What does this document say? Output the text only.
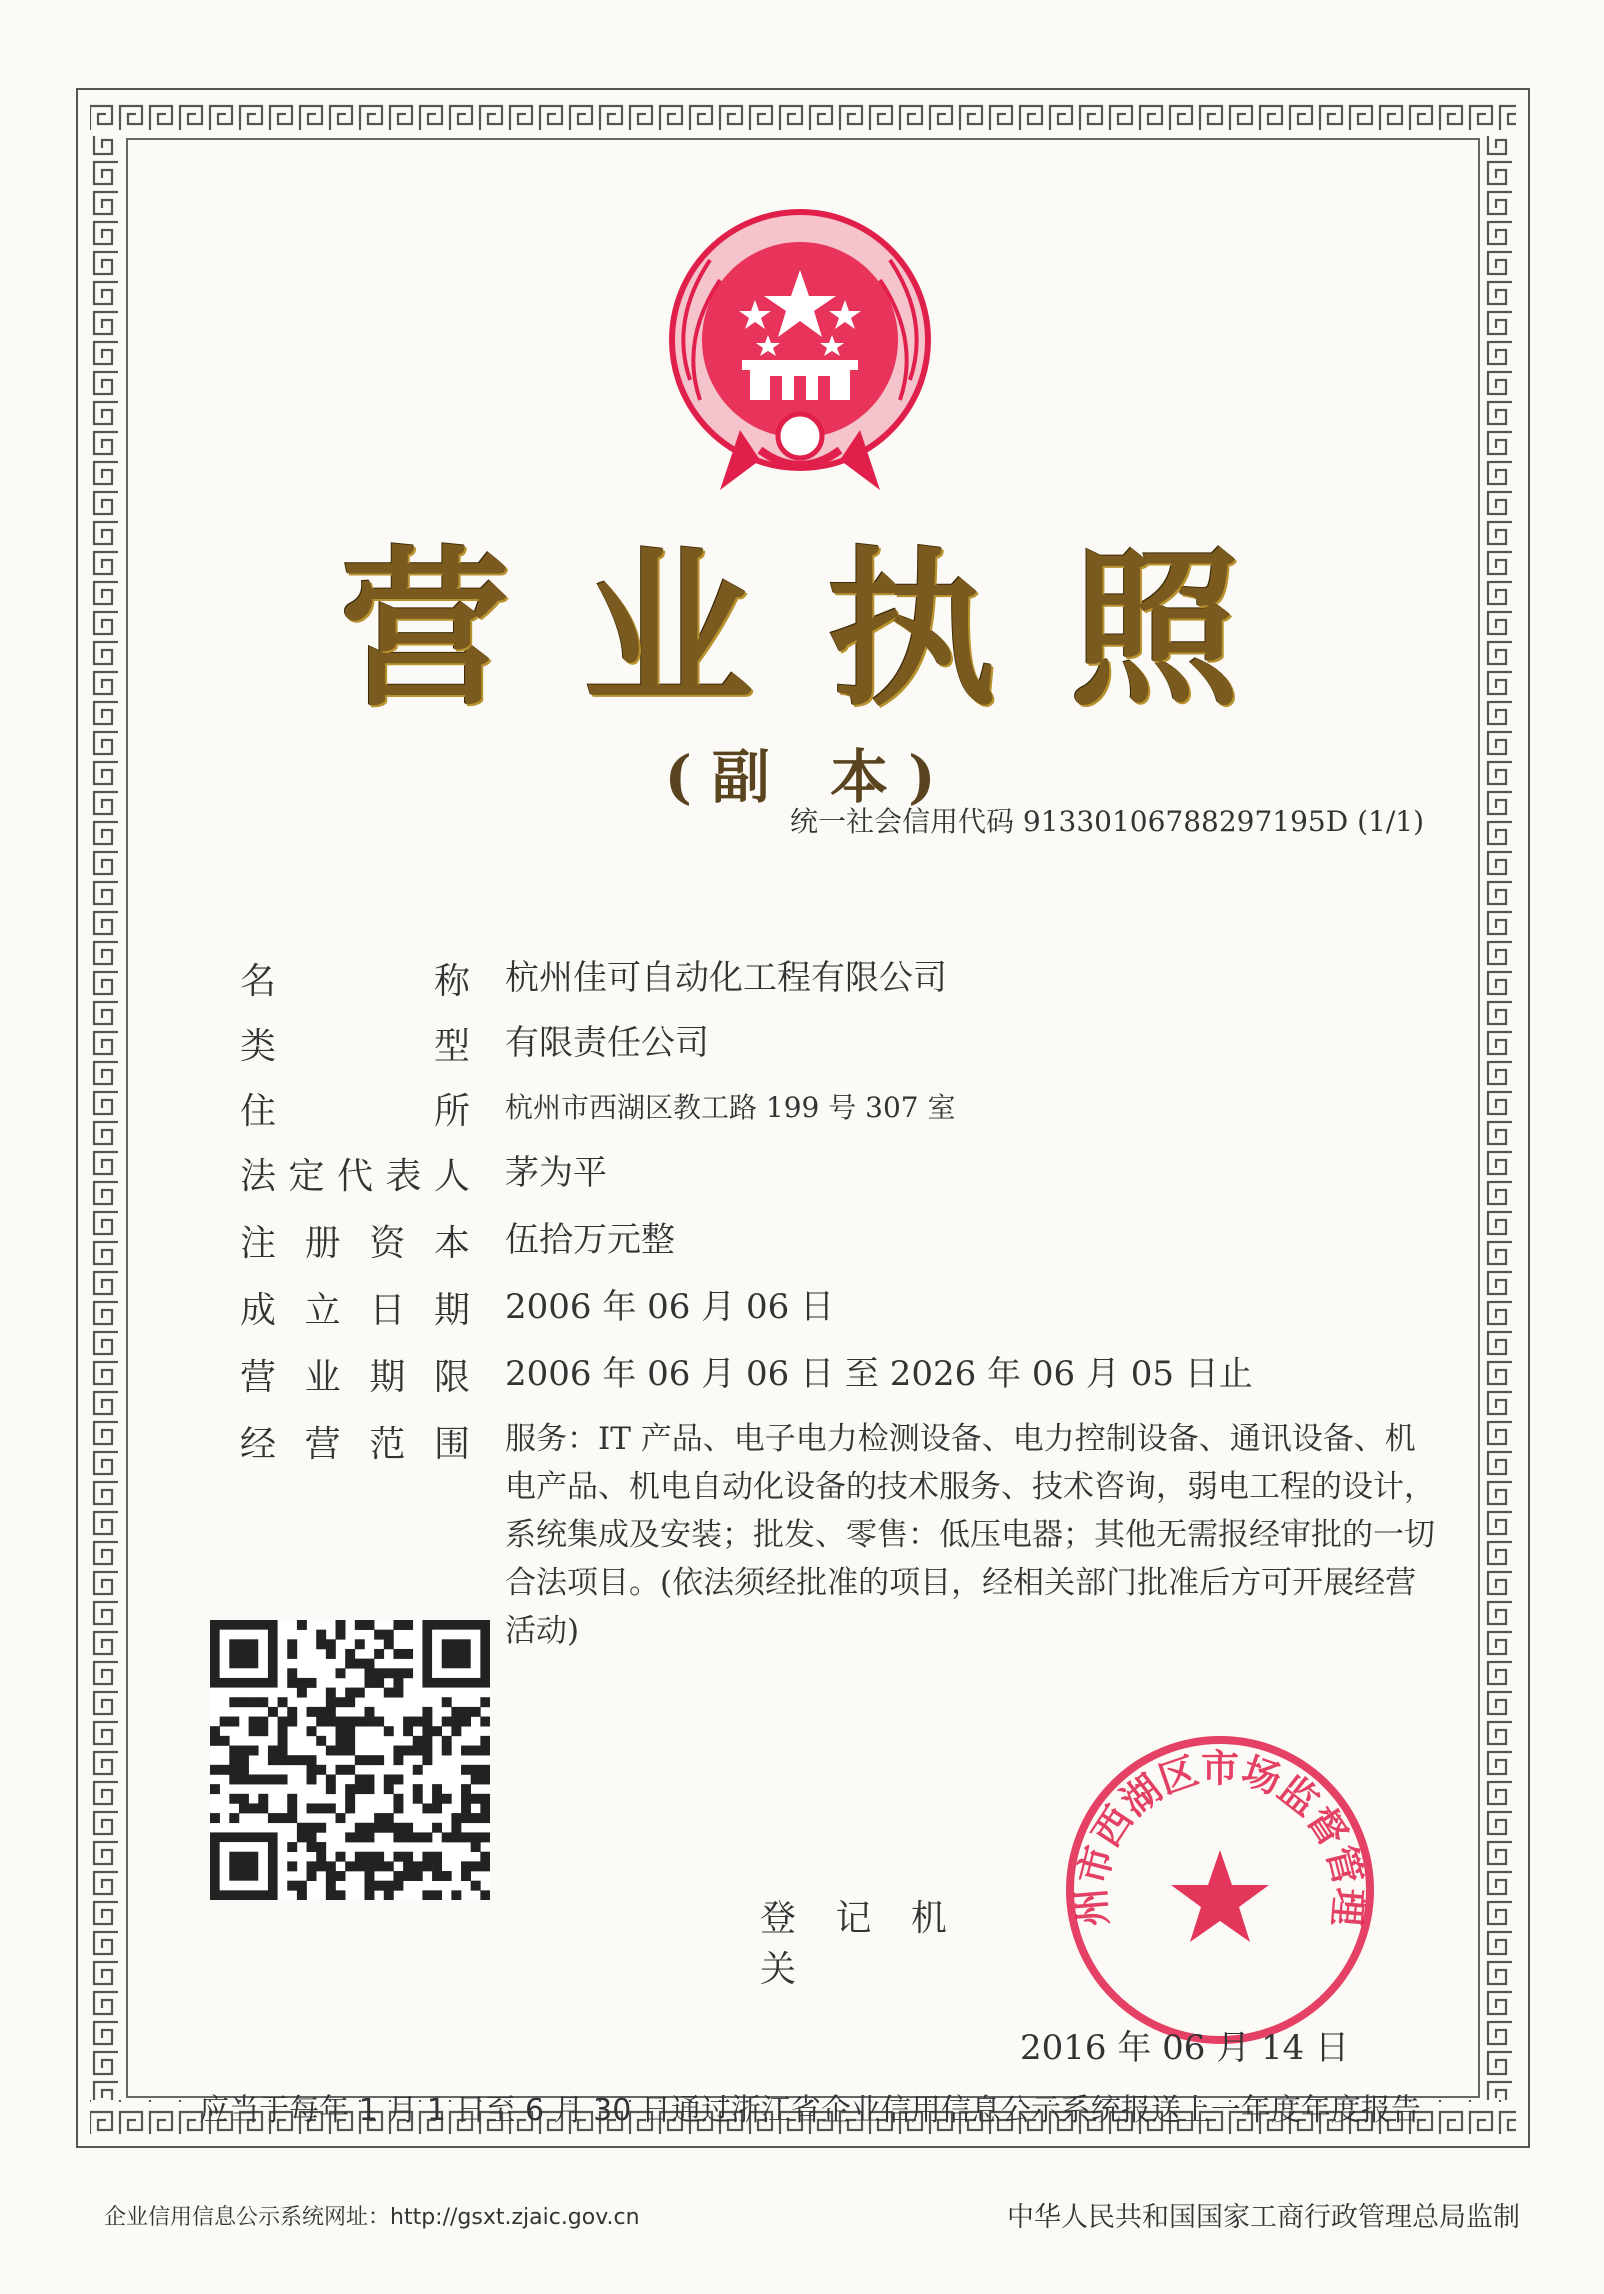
营 业 执 照
(副 本)
统一社会信用代码 91330106788297195D (1/1)
名	称 杭州佳可自动化工程有限公司
类	型 有限责任公司
住	所 杭州市西湖区教工路 199 号 307 室
法 定 代 表 人 茅为平
注 册 资 本 伍拾万元整
成 立 日 期 2006 年 06 月 06 日
营 业 期 限 2006 年 06 月 06 日 至 2026 年 06 月 05 日止
经 营 范 围 服务：IT 产品、电子电力检测设备、电力控制设备、通讯设备、机电产品、机电自动化设备的技术服务、技术咨询，弱电工程的设计，系统集成及安装；批发、零售：低压电器；其他无需报经审批的一切合法项目。(依法须经批准的项目，经相关部门批准后方可开展经营活动)
登 记 机 关
州市西湖区市场监督管理
2016 年 06 月 14 日
应当于每年 1 月 1 日至 6 月 30 日通过浙江省企业信用信息公示系统报送上一年度年度报告
企业信用信息公示系统网址：http://gsxt.zjaic.gov.cn	中华人民共和国国家工商行政管理总局监制
